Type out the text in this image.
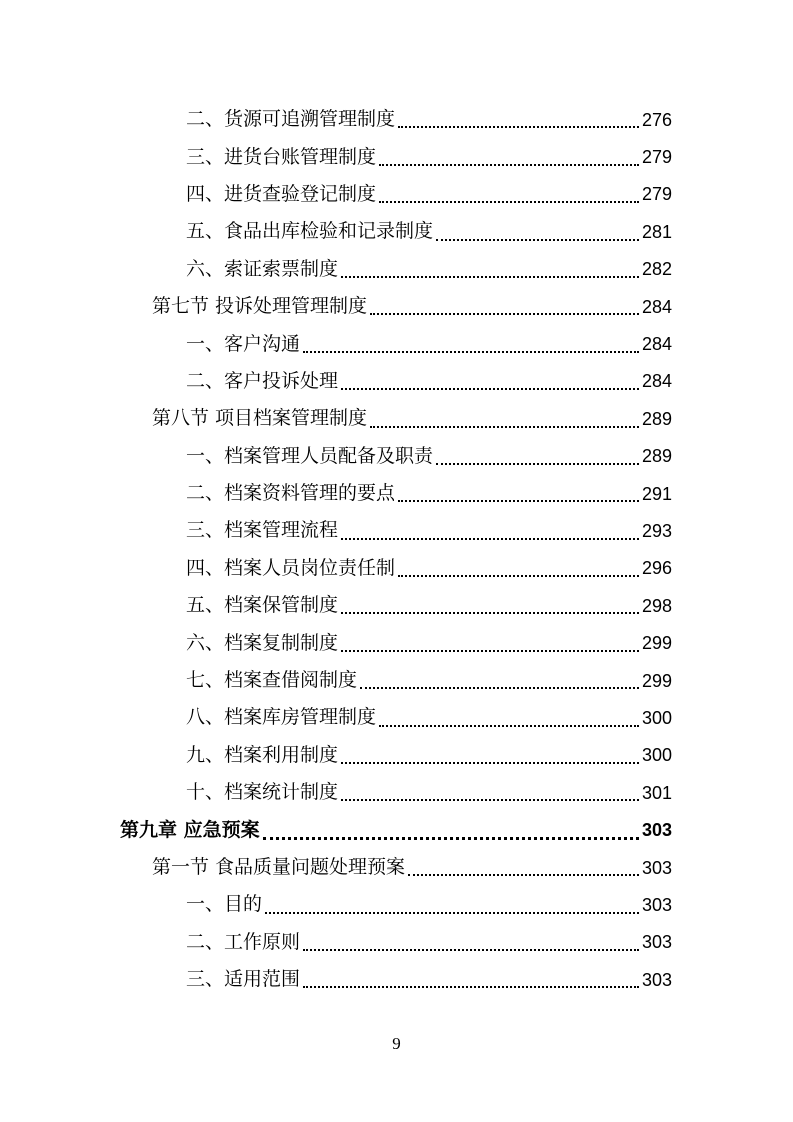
二、货源可追溯管理制度	276
三、进货台账管理制度	279
四、进货查验登记制度	279
五、食品出库检验和记录制度	281
六、索证索票制度	282
第七节 投诉处理管理制度	284
一、客户沟通	284
二、客户投诉处理	284
第八节 项目档案管理制度	289
一、档案管理人员配备及职责	289
二、档案资料管理的要点	291
三、档案管理流程	293
四、档案人员岗位责任制	296
五、档案保管制度	298
六、档案复制制度	299
七、档案查借阅制度	299
八、档案库房管理制度	300
九、档案利用制度	300
十、档案统计制度	301
第九章 应急预案	303
第一节 食品质量问题处理预案	303
一、目的	303
二、工作原则	303
三、适用范围	303
9
